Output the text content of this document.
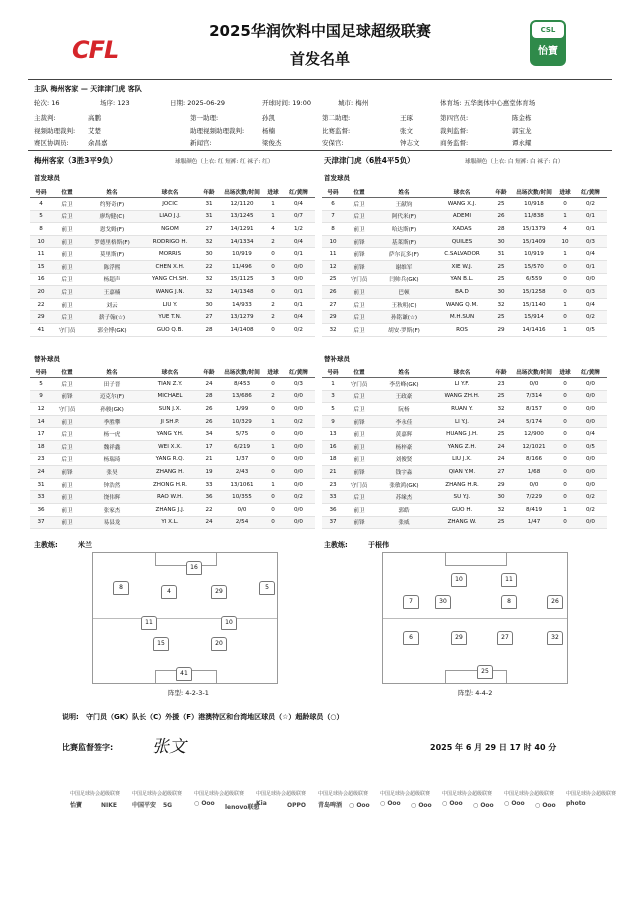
CFL
2025华润饮料中国足球超级联赛
首发名单
CSL
怡寶
主队 梅州客家 — 天津津门虎 客队
轮次: 16	场序: 123	日期: 2025-06-29	开球时间: 19:00	城市: 梅州	体育场: 五华奥体中心惠堂体育场
主裁判:	高鹏	第一助理:	孙凯	第二助理:	王琢	第四官员:	陈金栋
视频助理裁判: 艾楚	助理视频助理裁判:	杨楠	比赛监督:	张文	裁判监督:	郭宝龙
赛区协调员:	余昌嘉	新闻官:	梁俊杰	安保官:	钟志文	商务监督:	谭永耀
梅州客家（3胜3平9负）	球服颜色（上衣: 红 短裤: 红 袜子: 红）	天津津门虎（6胜4平5负）	球服颜色（上衣: 白 短裤: 白 袜子: 白）
首发球员	首发球员
号码	位置	姓名	球衣名	年龄	出场次数/时间	进球	红/黄牌
4	后卫	约努奇(F)	JOCIC	31	12/1120	1	0/4
5	后卫	廖均健(C)	LIAO J.J.	31	13/1245	1	0/7
8	前卫	恩戈姆(F)	NGOM	27	14/1291	4	1/2
10	前卫	罗德里格斯(F)	RODRIGO H.	32	14/1334	2	0/4
11	前卫	莫里斯(F)	MORRIS	30	10/919	0	0/1
15	前卫	陈浮熙	CHEN X.H.	22	11/496	0	0/0
16	后卫	杨超声	YANG CH.SH.	32	15/1125	3	0/0
20	后卫	王嘉楠	WANG J.N.	32	14/1348	0	0/1
22	前卫	刘云	LIU Y.	30	14/933	2	0/1
29	后卫	薪子翰(☆)	YUE T.N.	27	13/1279	2	0/4
41	守门员	郭全博(GK)	GUO Q.B.	28	14/1408	0	0/2
号码	位置	姓名	球衣名	年龄	出场次数/时间	进球	红/黄牌
6	后卫	王献钧	WANG X.J.	25	10/918	0	0/2
7	后卫	阿代米(F)	ADEMI	26	11/838	1	0/1
8	前卫	哈达斯(F)	XADAS	28	15/1379	4	0/1
10	前锋	基莱斯(F)	QUILES	30	15/1409	10	0/3
11	前锋	萨尔瓦多(F)	C.SALVADOR	31	10/919	1	0/4
12	前锋	谢维军	XIE W.J.	25	15/570	0	0/1
25	守门员	闫帅兵(GK)	YAN B.L.	25	6/559	0	0/0
26	前卫	巴顿	BA.D	30	15/1258	0	0/3
27	后卫	王秋明(C)	WANG Q.M.	32	15/1140	1	0/4
29	后卫	孙铭谦(☆)	M.H.SUN	25	15/914	0	0/2
32	后卫	胡安·罗斯(F)	ROS	29	14/1416	1	0/5
替补球员	替补球员
号码	位置	姓名	球衣名	年龄	出场次数/时间	进球	红/黄牌
5	后卫	田子晋	TIAN Z.Y.	24	8/453	0	0/3
9	前锋	迈克尔(F)	MICHAEL	28	13/686	2	0/0
12	守门员	孙骏(GK)	SUN J.X.	26	1/99	0	0/0
14	前卫	季胜攀	JI SH.P.	26	10/329	1	0/2
17	后卫	杨一虎	YANG Y.H.	34	5/75	0	0/0
18	后卫	魏祥鑫	WEI X.X.	17	6/219	1	0/0
23	后卫	杨瑞琦	YANG R.Q.	21	1/37	0	0/0
24	前锋	张昊	ZHANG H.	19	2/43	0	0/0
31	前卫	钟浩然	ZHONG H.R.	33	13/1061	1	0/0
33	前卫	饶伟辉	RAO W.H.	36	10/355	0	0/2
36	前卫	张家杰	ZHANG J.J.	22	0/0	0	0/0
37	前卫	易县龙	YI X.L.	24	2/54	0	0/0
号码	位置	姓名	球衣名	年龄	出场次数/时间	进球	红/黄牌
1	守门员	李岳峰(GK)	LI Y.F.	23	0/0	0	0/0
3	后卫	王政豪	WANG ZH.H.	25	7/314	0	0/0
5	后卫	阮杨	RUAN Y.	32	8/157	0	0/0
9	前锋	李永佳	LI Y.J.	24	5/174	0	0/0
13	前卫	黄嘉辉	HUANG J.H.	25	12/900	0	0/4
16	前卫	杨梓豪	YANG Z.H.	24	12/1021	0	0/5
18	前卫	刘俊贤	LIU J.X.	24	8/166	0	0/0
21	前锋	钱宇淼	QIAN Y.M.	27	1/68	0	0/0
23	守门员	张敏鸿(GK)	ZHANG H.R.	29	0/0	0	0/0
33	后卫	苏缘杰	SU Y.J.	30	7/229	0	0/2
36	前卫	郭皓	GUO H.	32	8/419	1	0/2
37	前锋	张威	ZHANG W.	25	1/47	0	0/0
主教练:	米兰	主教练:	于根伟
16
8
4	29
5
11	10
15	20
41
10	11
7	30	8	26
6	29	27	32
25
阵型: 4-2-3-1	阵型: 4-4-2
说明: 守门员（GK）队长（C）外援（F）港澳特区和台湾地区球员（☆）超龄球员（○）
比赛监督签字: 张文	2025 年 6 月 29 日 17 时 40 分
中国足球协会超级联赛 中国足球协会超级联赛 中国足球协会超级联赛 中国足球协会超级联赛 中国足球协会超级联赛 中国足球协会超级联赛 中国足球协会超级联赛 中国足球协会超级联赛 中国足球协会超级联赛
怡寶	NIKE 中国平安 5G	○ Ooo
lenovo联想
Kia	OPPO 青岛啤酒 ○ Ooo ○ Ooo ○ Ooo ○ Ooo ○ Ooo ○ Ooo ○ Ooo photo
